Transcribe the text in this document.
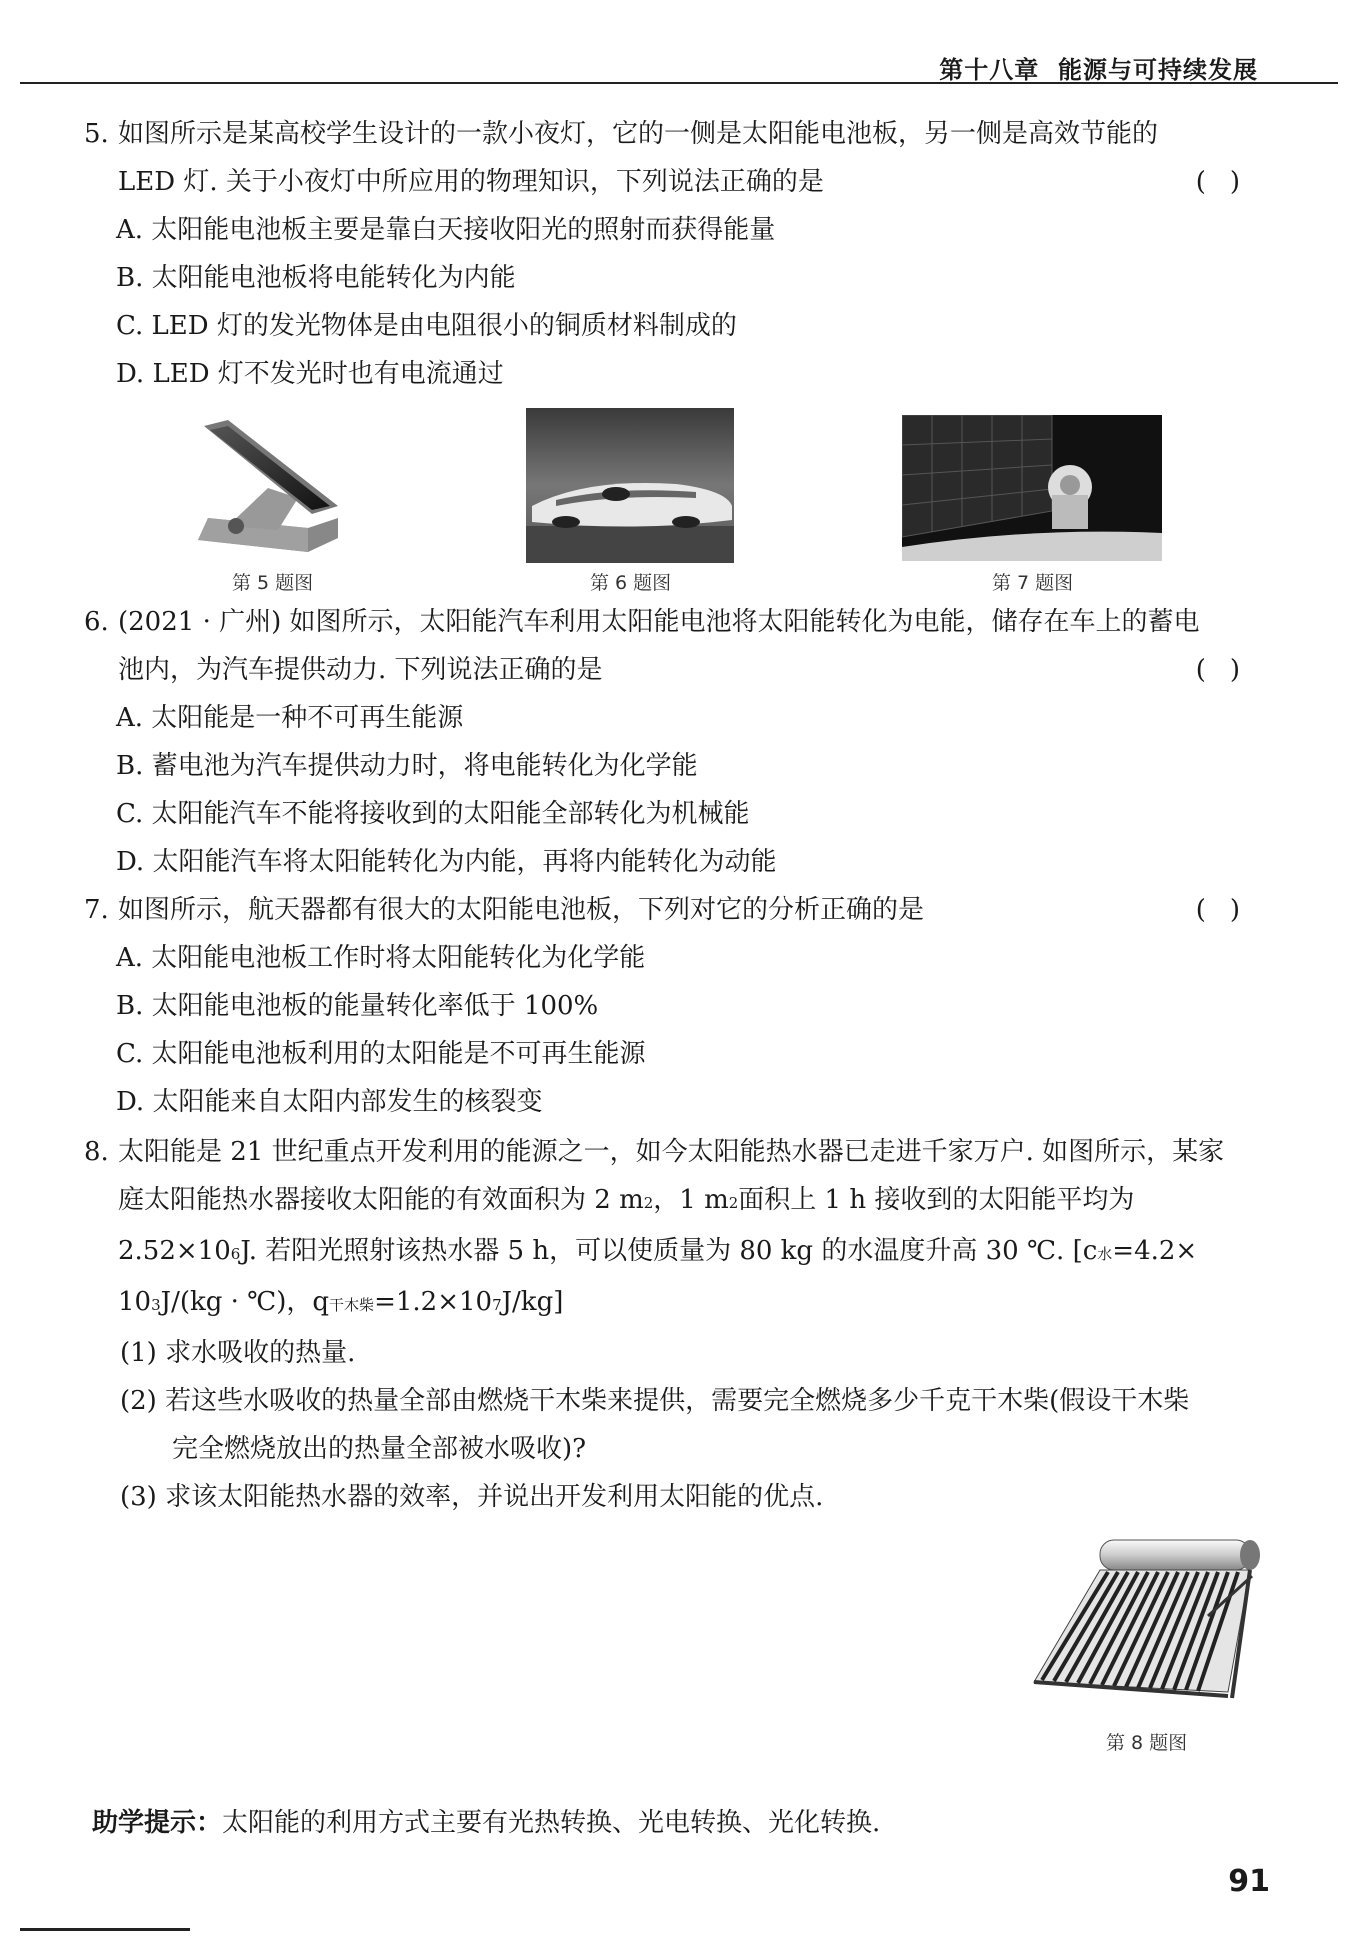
第十八章 能源与可持续发展
5. 如图所示是某高校学生设计的一款小夜灯，它的一侧是太阳能电池板，另一侧是高效节能的
LED 灯. 关于小夜灯中所应用的物理知识，下列说法正确的是	()
A. 太阳能电池板主要是靠白天接收阳光的照射而获得能量
B. 太阳能电池板将电能转化为内能
C. LED 灯的发光物体是由电阻很小的铜质材料制成的
D. LED 灯不发光时也有电流通过
第 5 题图	第 6 题图	第 7 题图
6. (2021 · 广州) 如图所示，太阳能汽车利用太阳能电池将太阳能转化为电能，储存在车上的蓄电
池内，为汽车提供动力. 下列说法正确的是	()
A. 太阳能是一种不可再生能源
B. 蓄电池为汽车提供动力时，将电能转化为化学能
C. 太阳能汽车不能将接收到的太阳能全部转化为机械能
D. 太阳能汽车将太阳能转化为内能，再将内能转化为动能
7. 如图所示，航天器都有很大的太阳能电池板，下列对它的分析正确的是	()
A. 太阳能电池板工作时将太阳能转化为化学能
B. 太阳能电池板的能量转化率低于 100%
C. 太阳能电池板利用的太阳能是不可再生能源
D. 太阳能来自太阳内部发生的核裂变
8. 太阳能是 21 世纪重点开发利用的能源之一，如今太阳能热水器已走进千家万户. 如图所示，某家
庭太阳能热水器接收太阳能的有效面积为 2 m 2 ，1 m 2 面积上 1 h 接收到的太阳能平均为
2.52×10 6 J. 若阳光照射该热水器 5 h，可以使质量为 80 kg 的水温度升高 30 ℃. [c 水 =4.2×
10 3 J/(kg · ℃)，q 干木柴 =1.2×10 7 J/kg]
(1) 求水吸收的热量.
(2) 若这些水吸收的热量全部由燃烧干木柴来提供，需要完全燃烧多少千克干木柴(假设干木柴
完全燃烧放出的热量全部被水吸收)?
(3) 求该太阳能热水器的效率，并说出开发利用太阳能的优点.
第 8 题图
助学提示：太阳能的利用方式主要有光热转换、光电转换、光化转换.
91
